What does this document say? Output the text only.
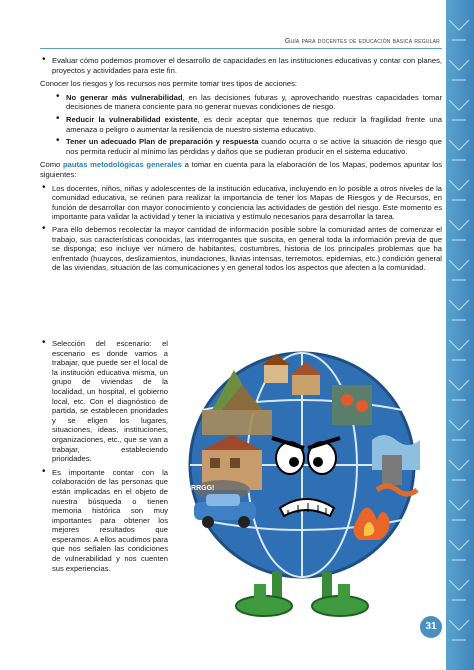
Guía para docentes de educación básica regular
• Evaluar cómo podemos promover el desarrollo de capacidades en las instituciones educativas y contar con planes, proyectos y actividades para este fin.

Conocer los riesgos y los recursos nos permite tomar tres tipos de acciones:

• No generar más vulnerabilidad, en las decisiones futuras y, aprovechando nuestras capacidades tomar decisiones de manera conciente para no generar nuevas condiciones de riesgo.
• Reducir la vulnerabilidad existente, es decir aceptar que tenemos que reducir la fragilidad frente una amenaza o peligro o aumentar la resiliencia de nuestro sistema educativo.
• Tener un adecuado Plan de preparación y respuesta cuando ocurra o se active la situación de riesgo que nos permita reducir al mínimo las pérdidas y daños que se pudieran producir en el sistema educativo.

Como pautas metodológicas generales a tomar en cuenta para la elaboración de los Mapas, podemos apuntar los siguientes:

• Los docentes, niños, niñas y adolescentes de la institución educativa, incluyendo en lo posible a otros niveles de la comunidad educativa, se reúnen para realizar la importancia de tener los Mapas de Riesgos y de Recursos, en función de desarrollar con mayor conocimiento y conciencia las actividades de gestión del riesgo. Este momento es importante para validar la actividad y tener la iniciativa y estímulo necesarios para desarrollar la tarea.
• Para ello debemos recolectar la mayor cantidad de información posible sobre la comunidad antes de comenzar el trabajo, sus características conocidas, las interrogantes que suscita, en general toda la información previa de que se disponga; eso incluye ver número de habitantes, costumbres, historia de los principales problemas que ha enfrentado (huaycos, deslizamientos, inundaciones, lluvias intensas, terremotos, epidemias, etc.) condición general de las viviendas, situación de las comunicaciones y en general todos los aspectos que afecten a la comunidad.
• Selección del escenario: el escenario es donde vamos a trabajar, que puede ser el local de la institución educativa misma, un grupo de viviendas de la localidad, un hospital, el gobierno local, etc. Con el diagnóstico de partida, se establecen prioridades y se eligen los lugares, situaciones, ideas, instituciones, organizaciones, etc., que se van a trabajar, estableciendo prioridades.
• Es importante contar con la colaboración de las personas que están implicadas en el objeto de nuestra búsqueda o tienen memoria histórica son muy importantes para obtener los mejores resultados que esperamos. A ellos acudimos para que nos señalen las condiciones de vulnerabilidad y nos cuenten sus experiencias.
ARRGG!
31
